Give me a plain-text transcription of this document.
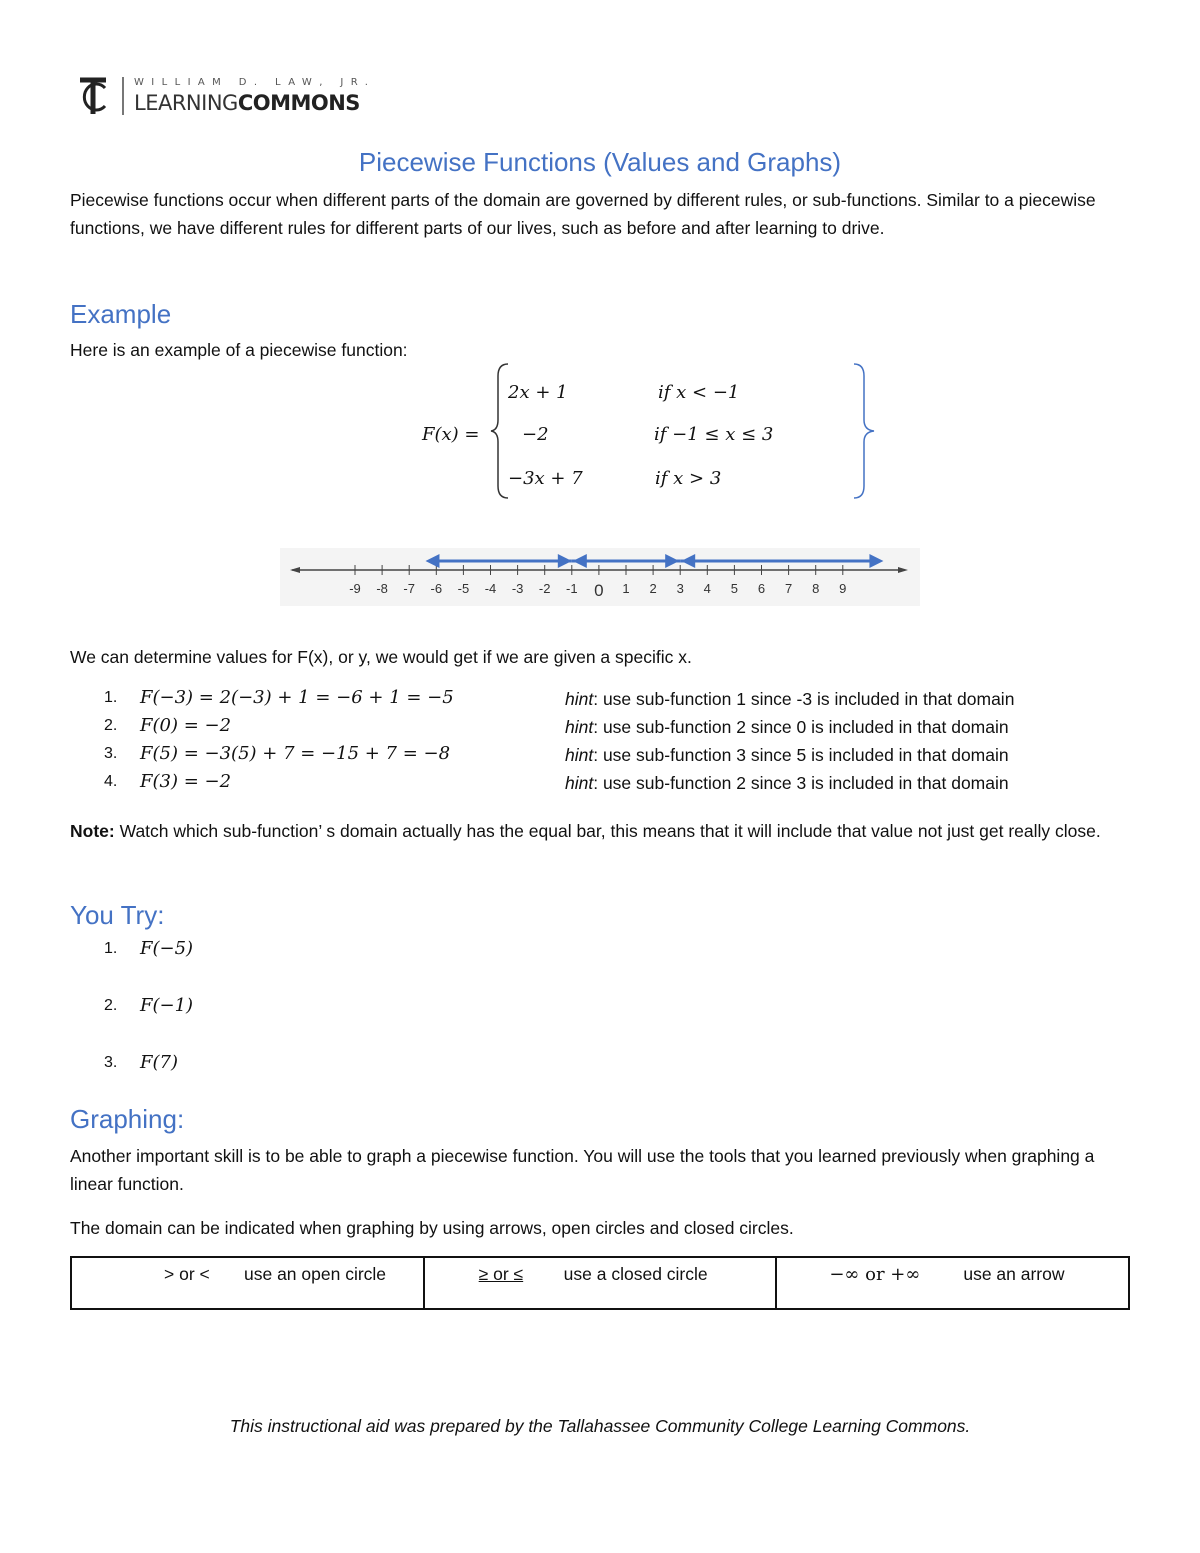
WILLIAM D. LAW, JR.
LEARNINGCOMMONS
Piecewise Functions (Values and Graphs)
Piecewise functions occur when different parts of the domain are governed by different rules, or sub-functions. Similar to a piecewise functions, we have different rules for different parts of our lives, such as before and after learning to drive.
Example
Here is an example of a piecewise function:
F(x) =
2x + 1	if x < −1
−2	if −1 ≤ x ≤ 3
−3x + 7	if x > 3
-9 -8 -7 -6 -5 -4 -3 -2 -1 0 1 2 3 4 5 6 7 8 9
We can determine values for F(x), or y, we would get if we are given a specific x.
1. F(−3) = 2(−3) + 1 = −6 + 1 = −5	hint: use sub-function 1 since -3 is included in that domain
2. F(0) = −2	hint: use sub-function 2 since 0 is included in that domain
3. F(5) = −3(5) + 7 = −15 + 7 = −8	hint: use sub-function 3 since 5 is included in that domain
4. F(3) = −2	hint: use sub-function 2 since 3 is included in that domain
Note: Watch which sub-function’ s domain actually has the equal bar, this means that it will include that value not just get really close.
You Try:
1. F(−5)
2. F(−1)
3. F(7)
Graphing:
Another important skill is to be able to graph a piecewise function. You will use the tools that you learned previously when graphing a linear function.
The domain can be indicated when graphing by using arrows, open circles and closed circles.
> or < use an open circle	≥ or ≤ use a closed circle	−∞ or +∞ use an arrow
This instructional aid was prepared by the Tallahassee Community College Learning Commons.
